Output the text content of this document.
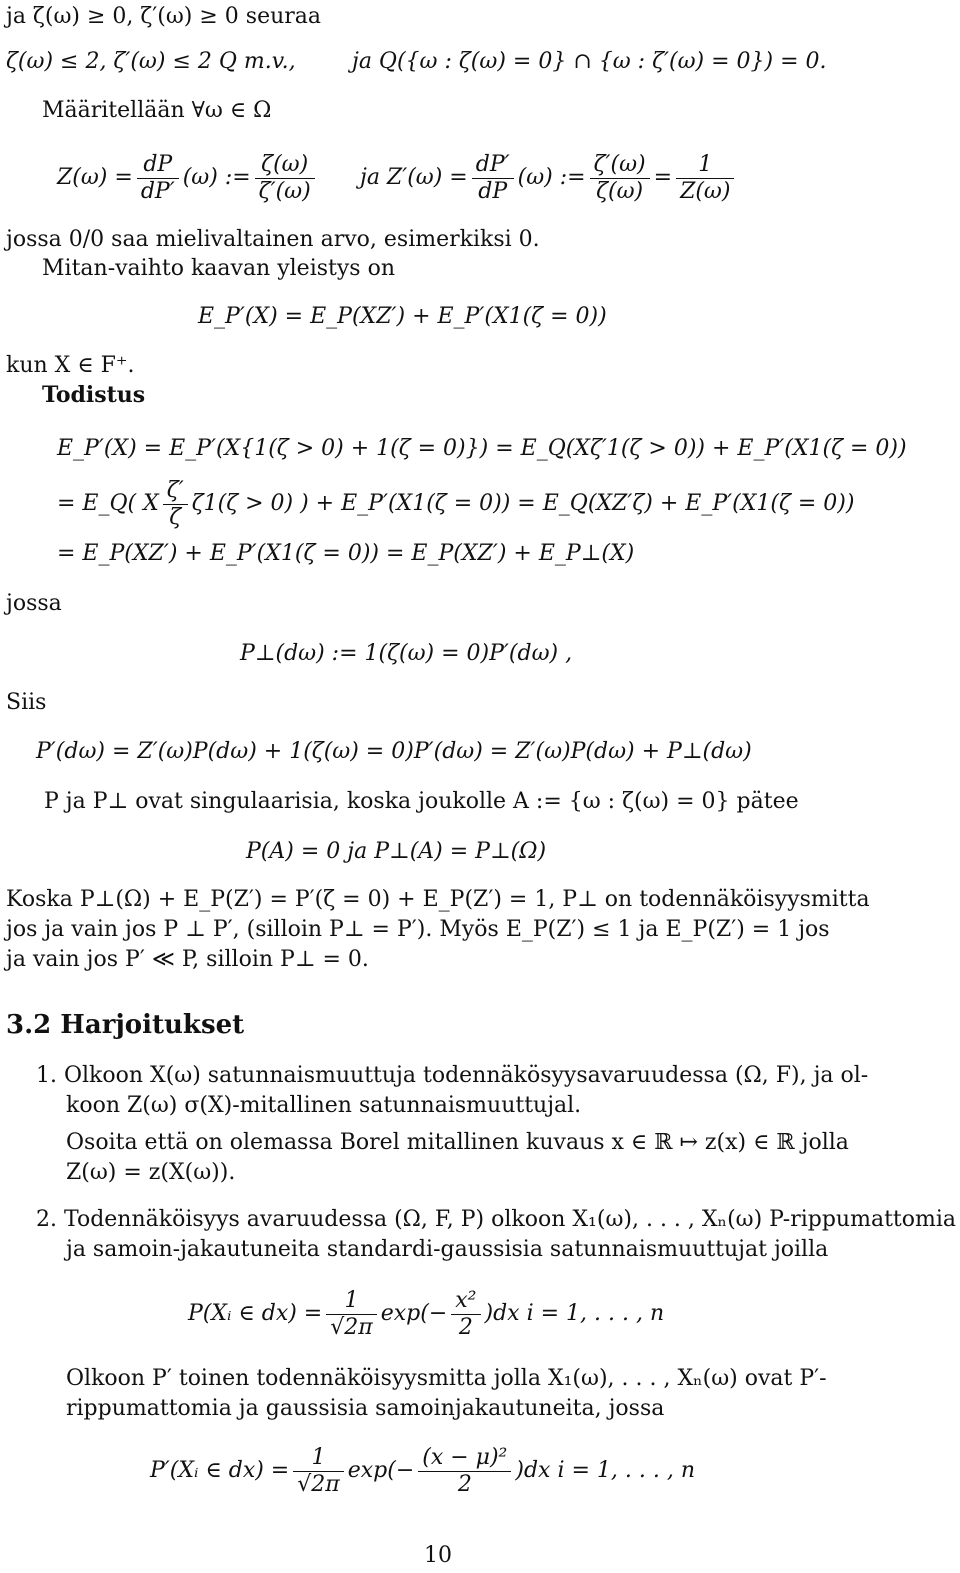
ja ζ(ω) ≥ 0, ζ′(ω) ≥ 0 seuraa
ζ(ω) ≤ 2, ζ′(ω) ≤ 2 Q m.v.,	ja Q({ω : ζ(ω) = 0} ∩ {ω : ζ′(ω) = 0}) = 0.
Määritellään ∀ω ∈ Ω
$Z(\omega) = \frac{dP}{dP'} (\omega)$ := $\frac{\zeta(\omega)}{\zeta'(\omega)}$ ja $Z'(\omega) = \frac{dP'}{dP} (\omega)$ := $\frac{\zeta'(\omega)}{\zeta(\omega)} = \frac{1}{Z(\omega)}$
jossa 0/0 saa mielivaltainen arvo, esimerkiksi 0.
Mitan-vaihto kaavan yleistys on
E_P′(X) = E_P(XZ′) + E_P′(X1(ζ = 0))
kun X ∈ F⁺.
Todistus
E_P′(X) = E_P′(X{1(ζ > 0) + 1(ζ = 0)}) = E_Q(Xζ′1(ζ > 0)) + E_P′(X1(ζ = 0))
= E_Q( X $\frac{\zeta'}{\zeta} \zeta 1(\zeta > 0)$ ) + E_P′(X1(ζ = 0)) = E_Q(XZ′ζ) + E_P′(X1(ζ = 0))
= E_P(XZ′) + E_P′(X1(ζ = 0)) = E_P(XZ′) + E_P⊥(X)
jossa
P⊥(dω) := 1(ζ(ω) = 0)P′(dω) ,
Siis
P′(dω) = Z′(ω)P(dω) + 1(ζ(ω) = 0)P′(dω) = Z′(ω)P(dω) + P⊥(dω)
P ja P⊥ ovat singulaarisia, koska joukolle A := {ω : ζ(ω) = 0} pätee
P(A) = 0 ja P⊥(A) = P⊥(Ω)
Koska P⊥(Ω) + E_P(Z′) = P′(ζ = 0) + E_P(Z′) = 1, P⊥ on todennäköisyysmitta
jos ja vain jos P ⊥ P′, (silloin P⊥ = P′). Myös E_P(Z′) ≤ 1 ja E_P(Z′) = 1 jos
ja vain jos P′ ≪ P, silloin P⊥ = 0.
3.2 Harjoitukset
1. Olkoon X(ω) satunnaismuuttuja todennäkösyysavaruudessa (Ω, F), ja ol-
koon Z(ω) σ(X)-mitallinen satunnaismuuttujal.
Osoita että on olemassa Borel mitallinen kuvaus x ∈ ℝ ↦ z(x) ∈ ℝ jolla
Z(ω) = z(X(ω)).
2. Todennäköisyys avaruudessa (Ω, F, P) olkoon X₁(ω), . . . , Xₙ(ω) P-rippumattomia
ja samoin-jakautuneita standardi-gaussisia satunnaismuuttujat joilla
P(Xᵢ ∈ $dx) = \frac{1}{√2\pi} \exp(- \frac{\text{x²}}{2} )dx$ i = 1, . . . , n
Olkoon P′ toinen todennäköisyysmitta jolla X₁(ω), . . . , Xₙ(ω) ovat P′-
rippumattomia ja gaussisia samoinjakautuneita, jossa
P′(Xᵢ ∈ $dx) = \frac{1}{√2\pi} \exp(- \frac{\text{(x − μ)²}}{2} )dx$ i = 1, . . . , n
10
